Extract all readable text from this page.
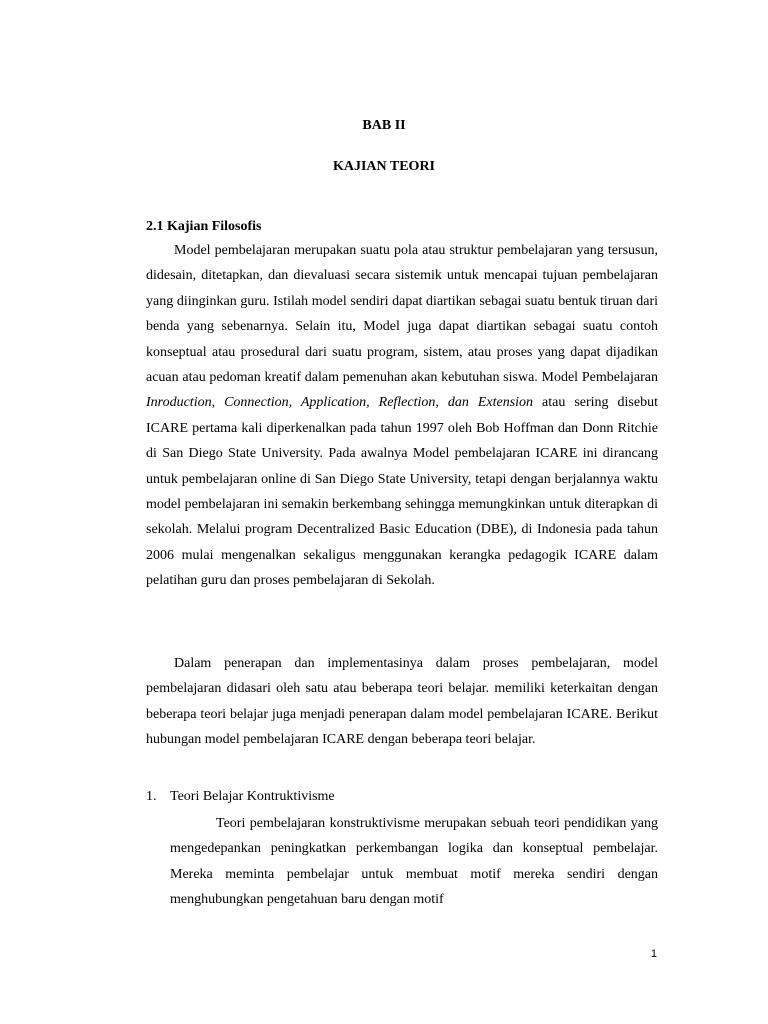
BAB II
KAJIAN TEORI
2.1 Kajian Filosofis

Model pembelajaran merupakan suatu pola atau struktur pembelajaran yang tersusun, didesain, ditetapkan, dan dievaluasi secara sistemik untuk mencapai tujuan pembelajaran yang diinginkan guru. Istilah model sendiri dapat diartikan sebagai suatu bentuk tiruan dari benda yang sebenarnya. Selain itu, Model juga dapat diartikan sebagai suatu contoh konseptual atau prosedural dari suatu program, sistem, atau proses yang dapat dijadikan acuan atau pedoman kreatif dalam pemenuhan akan kebutuhan siswa. Model Pembelajaran Inroduction, Connection, Application, Reflection, dan Extension atau sering disebut ICARE pertama kali diperkenalkan pada tahun 1997 oleh Bob Hoffman dan Donn Ritchie di San Diego State University. Pada awalnya Model pembelajaran ICARE ini dirancang untuk pembelajaran online di San Diego State University, tetapi dengan berjalannya waktu model pembelajaran ini semakin berkembang sehingga memungkinkan untuk diterapkan di sekolah. Melalui program Decentralized Basic Education (DBE), di Indonesia pada tahun 2006 mulai mengenalkan sekaligus menggunakan kerangka pedagogik ICARE dalam pelatihan guru dan proses pembelajaran di Sekolah.

Dalam penerapan dan implementasinya dalam proses pembelajaran, model pembelajaran didasari oleh satu atau beberapa teori belajar. memiliki keterkaitan dengan beberapa teori belajar juga menjadi penerapan dalam model pembelajaran ICARE. Berikut hubungan model pembelajaran ICARE dengan beberapa teori belajar.

1. Teori Belajar Kontruktivisme

Teori pembelajaran konstruktivisme merupakan sebuah teori pendidikan yang mengedepankan peningkatkan perkembangan logika dan konseptual pembelajar. Mereka meminta pembelajar untuk membuat motif mereka sendiri dengan menghubungkan pengetahuan baru dengan motif

1
